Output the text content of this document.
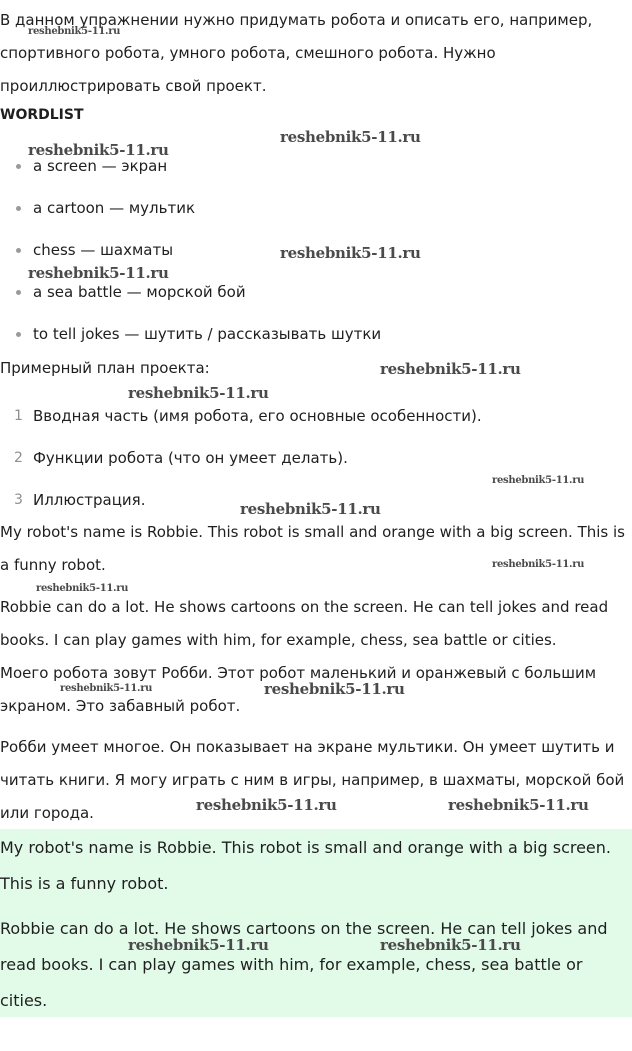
В данном упражнении нужно придумать робота и описать его, например, спортивного робота, умного робота, смешного робота. Нужно проиллюстрировать свой проект.

WORDLIST
a screen — экран
a cartoon — мультик
chess — шахматы
a sea battle — морской бой
to tell jokes — шутить / рассказывать шутки

Примерный план проекта:

1 Вводная часть (имя робота, его основные особенности).
2 Функции робота (что он умеет делать).
3 Иллюстрация.

My robot's name is Robbie. This robot is small and orange with a big screen. This is a funny robot.

Robbie can do a lot. He shows cartoons on the screen. He can tell jokes and read books. I can play games with him, for example, chess, sea battle or cities.

Моего робота зовут Робби. Этот робот маленький и оранжевый с большим экраном. Это забавный робот.

Робби умеет многое. Он показывает на экране мультики. Он умеет шутить и читать книги. Я могу играть с ним в игры, например, в шахматы, морской бой или города.

My robot's name is Robbie. This robot is small and orange with a big screen. This is a funny robot.

Robbie can do a lot. He shows cartoons on the screen. He can tell jokes and read books. I can play games with him, for example, chess, sea battle or cities.

reshebnik5-11.ru
reshebnik5-11.ru
reshebnik5-11.ru
reshebnik5-11.ru
reshebnik5-11.ru
reshebnik5-11.ru
reshebnik5-11.ru
reshebnik5-11.ru
reshebnik5-11.ru
reshebnik5-11.ru
reshebnik5-11.ru
reshebnik5-11.ru	reshebnik5-11.ru
reshebnik5-11.ru	reshebnik5-11.ru
reshebnik5-11.ru	reshebnik5-11.ru
